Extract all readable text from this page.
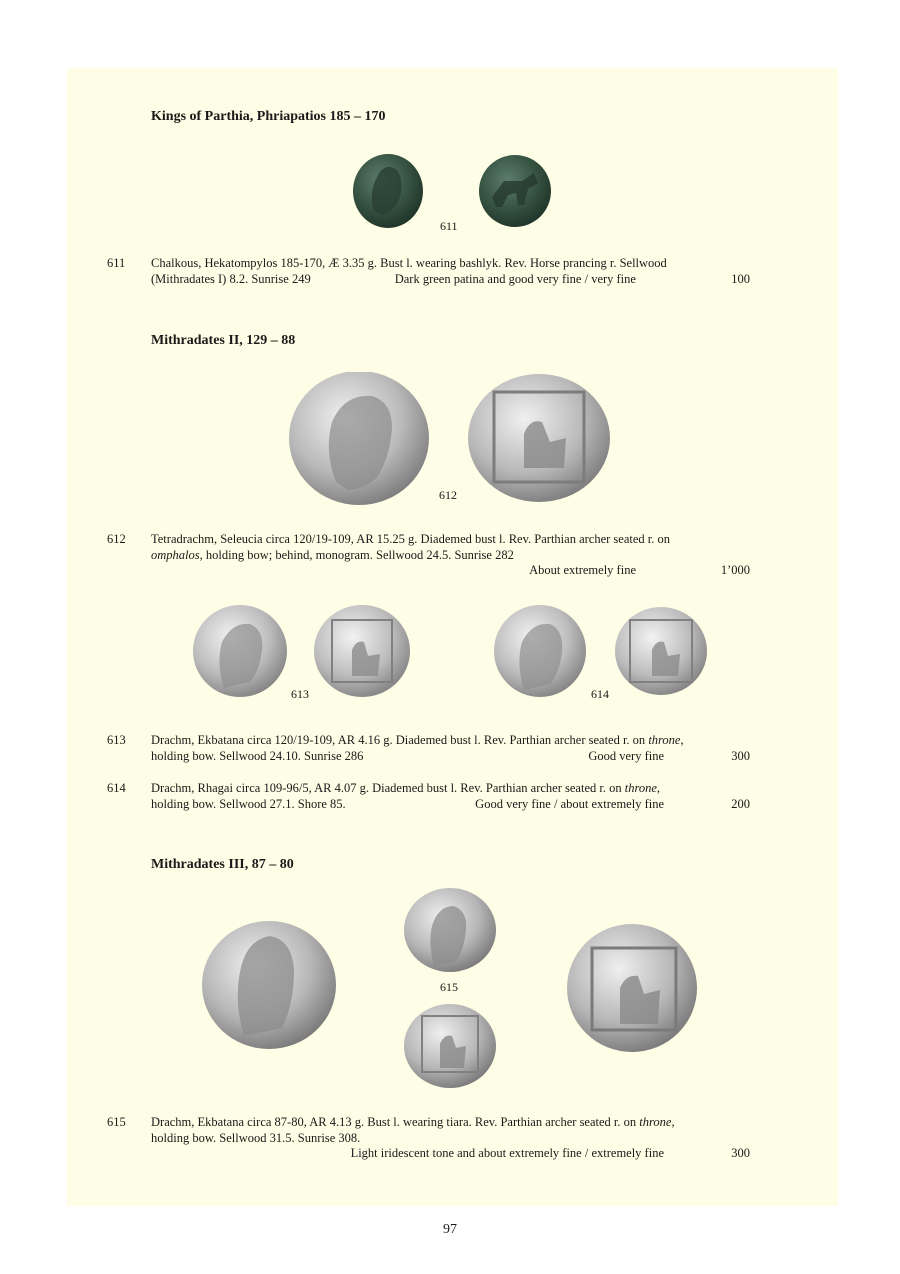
Kings of Parthia, Phriapatios 185 – 170
611
611 Chalkous, Hekatompylos 185-170, Æ 3.35 g. Bust l. wearing bashlyk. Rev. Horse prancing r. Sellwood
(Mithradates I) 8.2. Sunrise 249	Dark green patina and good very fine / very fine	100
Mithradates II, 129 – 88
612
612 Tetradrachm, Seleucia circa 120/19-109, AR 15.25 g. Diademed bust l. Rev. Parthian archer seated r. on
omphalos, holding bow; behind, monogram. Sellwood 24.5. Sunrise 282
About extremely fine	1’000
613	614
613 Drachm, Ekbatana circa 120/19-109, AR 4.16 g. Diademed bust l. Rev. Parthian archer seated r. on throne,
holding bow. Sellwood 24.10. Sunrise 286	Good very fine	300
614 Drachm, Rhagai circa 109-96/5, AR 4.07 g. Diademed bust l. Rev. Parthian archer seated r. on throne,
holding bow. Sellwood 27.1. Shore 85.	Good very fine / about extremely fine	200
Mithradates III, 87 – 80
615
615 Drachm, Ekbatana circa 87-80, AR 4.13 g. Bust l. wearing tiara. Rev. Parthian archer seated r. on throne,
holding bow. Sellwood 31.5. Sunrise 308.
Light iridescent tone and about extremely fine / extremely fine	300
97
